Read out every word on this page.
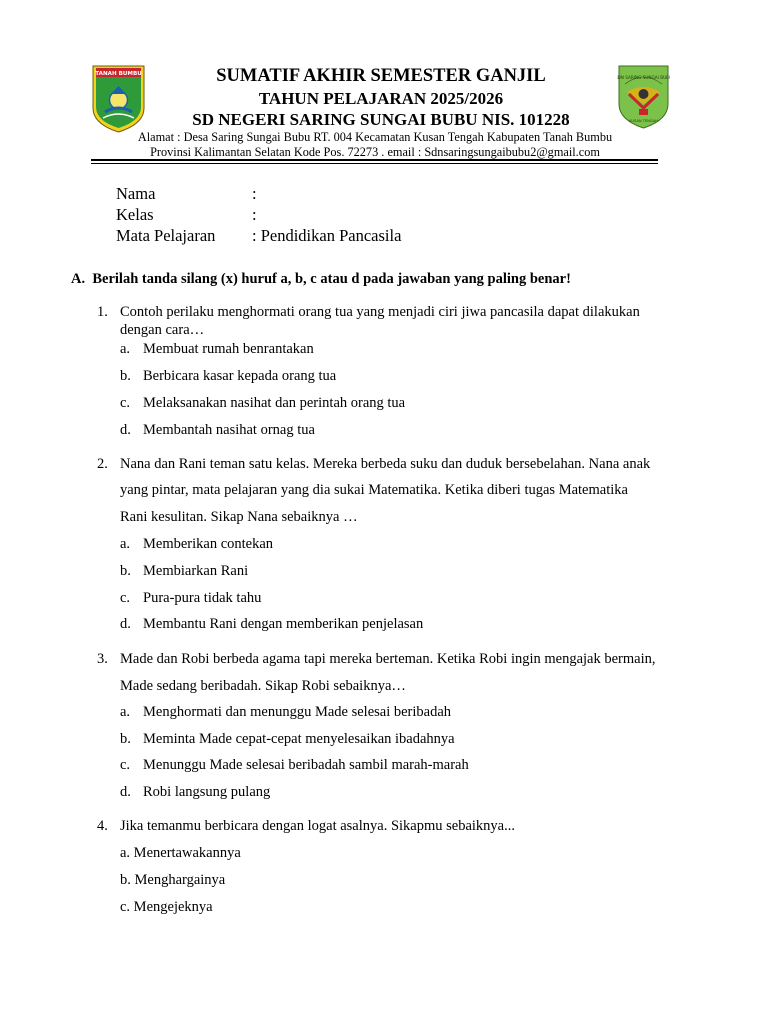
TANAH BUMBU
SDN SARING SUNGAI BUBU
KUSAN TENGAH
SUMATIF AKHIR SEMESTER GANJIL
TAHUN PELAJARAN 2025/2026
SD NEGERI SARING SUNGAI BUBU NIS. 101228
Alamat : Desa Saring Sungai Bubu RT. 004 Kecamatan Kusan Tengah Kabupaten Tanah Bumbu
Provinsi Kalimantan Selatan Kode Pos. 72273 . email : Sdnsaringsungaibubu2@gmail.com
Nama	:
Kelas	:
Mata Pelajaran : Pendidikan Pancasila
A. Berilah tanda silang (x) huruf a, b, c atau d pada jawaban yang paling benar!
1. Contoh perilaku menghormati orang tua yang menjadi ciri jiwa pancasila dapat dilakukan
dengan cara…
a. Membuat rumah benrantakan
b. Berbicara kasar kepada orang tua
c. Melaksanakan nasihat dan perintah orang tua
d. Membantah nasihat ornag tua
2. Nana dan Rani teman satu kelas. Mereka berbeda suku dan duduk bersebelahan. Nana anak
yang pintar, mata pelajaran yang dia sukai Matematika. Ketika diberi tugas Matematika
Rani kesulitan. Sikap Nana sebaiknya …
a. Memberikan contekan
b. Membiarkan Rani
c. Pura-pura tidak tahu
d. Membantu Rani dengan memberikan penjelasan
3. Made dan Robi berbeda agama tapi mereka berteman. Ketika Robi ingin mengajak bermain,
Made sedang beribadah. Sikap Robi sebaiknya…
a. Menghormati dan menunggu Made selesai beribadah
b. Meminta Made cepat-cepat menyelesaikan ibadahnya
c. Menunggu Made selesai beribadah sambil marah-marah
d. Robi langsung pulang
4. Jika temanmu berbicara dengan logat asalnya. Sikapmu sebaiknya...
a. Menertawakannya
b. Menghargainya
c. Mengejeknya
